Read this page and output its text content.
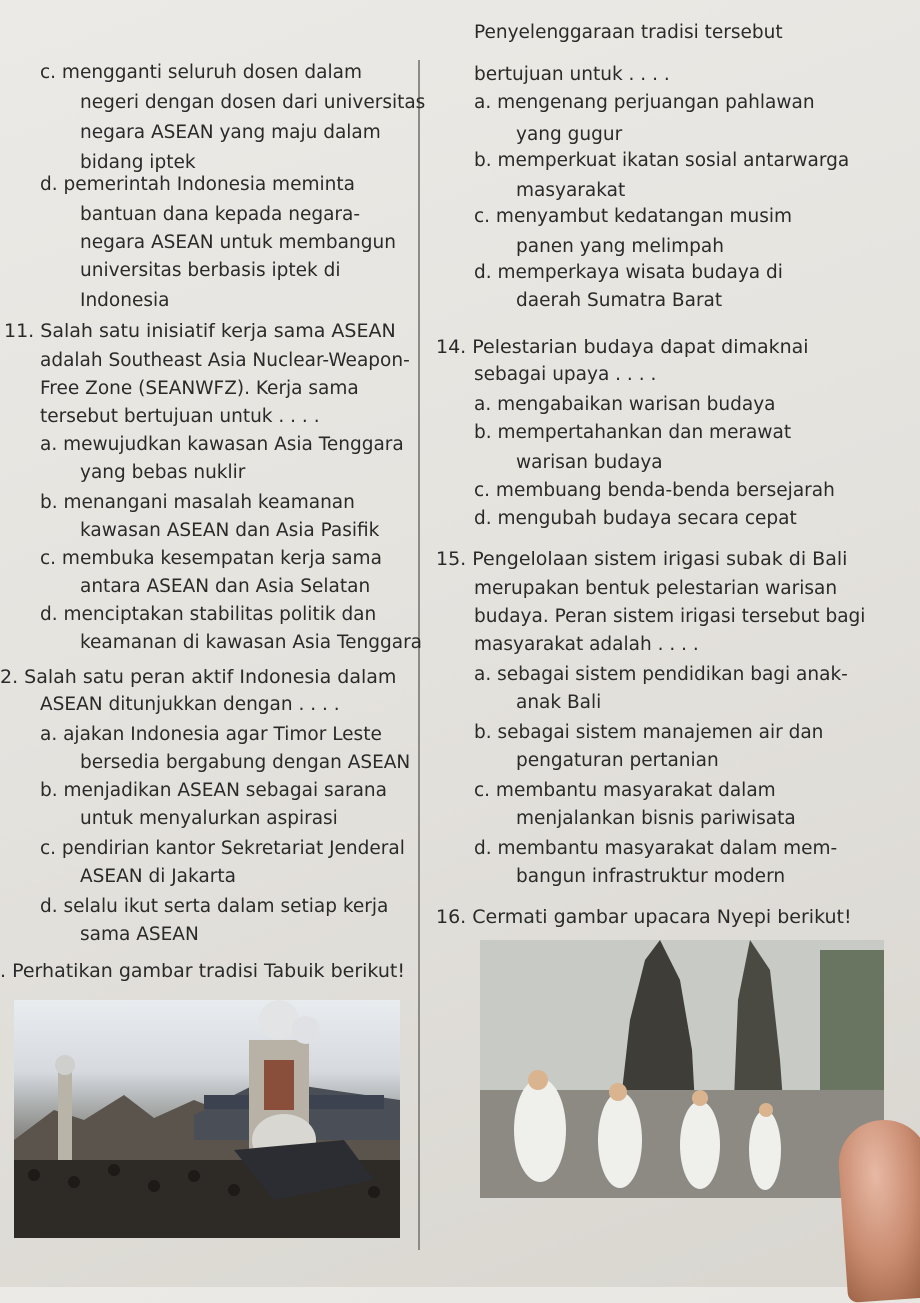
c. mengganti seluruh dosen dalam
negeri dengan dosen dari universitas
negara ASEAN yang maju dalam
bidang iptek
d. pemerintah Indonesia meminta
bantuan dana kepada negara-
negara ASEAN untuk membangun
universitas berbasis iptek di
Indonesia
11. Salah satu inisiatif kerja sama ASEAN
adalah Southeast Asia Nuclear-Weapon-
Free Zone (SEANWFZ). Kerja sama
tersebut bertujuan untuk . . . .
a. mewujudkan kawasan Asia Tenggara
yang bebas nuklir
b. menangani masalah keamanan
kawasan ASEAN dan Asia Pasifik
c. membuka kesempatan kerja sama
antara ASEAN dan Asia Selatan
d. menciptakan stabilitas politik dan
keamanan di kawasan Asia Tenggara
2. Salah satu peran aktif Indonesia dalam
ASEAN ditunjukkan dengan . . . .
a. ajakan Indonesia agar Timor Leste
bersedia bergabung dengan ASEAN
b. menjadikan ASEAN sebagai sarana
untuk menyalurkan aspirasi
c. pendirian kantor Sekretariat Jenderal
ASEAN di Jakarta
d. selalu ikut serta dalam setiap kerja
sama ASEAN
. Perhatikan gambar tradisi Tabuik berikut!
Penyelenggaraan tradisi tersebut
bertujuan untuk . . . .
a. mengenang perjuangan pahlawan
yang gugur
b. memperkuat ikatan sosial antarwarga
masyarakat
c. menyambut kedatangan musim
panen yang melimpah
d. memperkaya wisata budaya di
daerah Sumatra Barat
14. Pelestarian budaya dapat dimaknai
sebagai upaya . . . .
a. mengabaikan warisan budaya
b. mempertahankan dan merawat
warisan budaya
c. membuang benda-benda bersejarah
d. mengubah budaya secara cepat
15. Pengelolaan sistem irigasi subak di Bali
merupakan bentuk pelestarian warisan
budaya. Peran sistem irigasi tersebut bagi
masyarakat adalah . . . .
a. sebagai sistem pendidikan bagi anak-
anak Bali
b. sebagai sistem manajemen air dan
pengaturan pertanian
c. membantu masyarakat dalam
menjalankan bisnis pariwisata
d. membantu masyarakat dalam mem-
bangun infrastruktur modern
16. Cermati gambar upacara Nyepi berikut!
